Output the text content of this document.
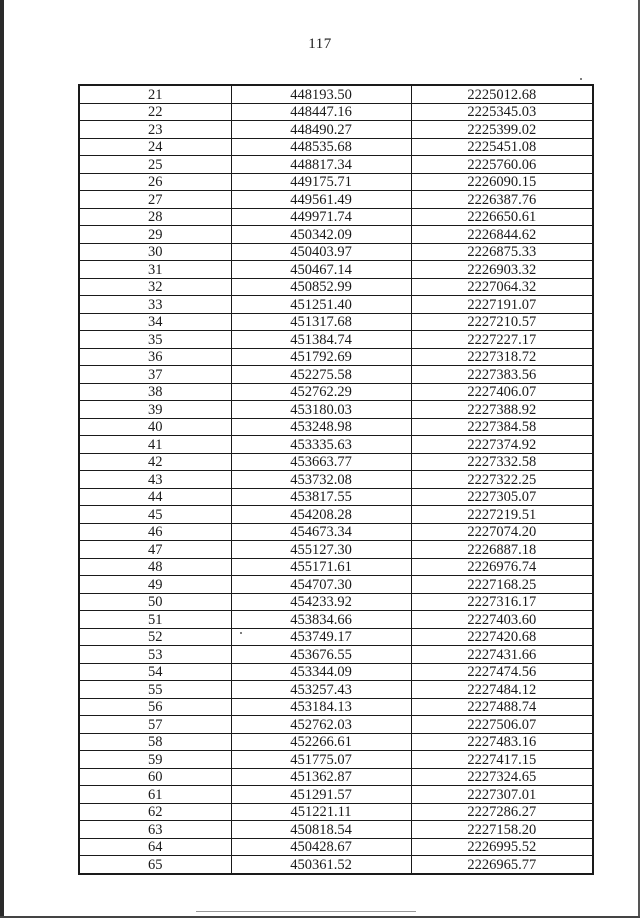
117
21	448193.50	2225012.68
22	448447.16	2225345.03
23	448490.27	2225399.02
24	448535.68	2225451.08
25	448817.34	2225760.06
26	449175.71	2226090.15
27	449561.49	2226387.76
28	449971.74	2226650.61
29	450342.09	2226844.62
30	450403.97	2226875.33
31	450467.14	2226903.32
32	450852.99	2227064.32
33	451251.40	2227191.07
34	451317.68	2227210.57
35	451384.74	2227227.17
36	451792.69	2227318.72
37	452275.58	2227383.56
38	452762.29	2227406.07
39	453180.03	2227388.92
40	453248.98	2227384.58
41	453335.63	2227374.92
42	453663.77	2227332.58
43	453732.08	2227322.25
44	453817.55	2227305.07
45	454208.28	2227219.51
46	454673.34	2227074.20
47	455127.30	2226887.18
48	455171.61	2226976.74
49	454707.30	2227168.25
50	454233.92	2227316.17
51	453834.66	2227403.60
52	453749.17	2227420.68
53	453676.55	2227431.66
54	453344.09	2227474.56
55	453257.43	2227484.12
56	453184.13	2227488.74
57	452762.03	2227506.07
58	452266.61	2227483.16
59	451775.07	2227417.15
60	451362.87	2227324.65
61	451291.57	2227307.01
62	451221.11	2227286.27
63	450818.54	2227158.20
64	450428.67	2226995.52
65	450361.52	2226965.77
